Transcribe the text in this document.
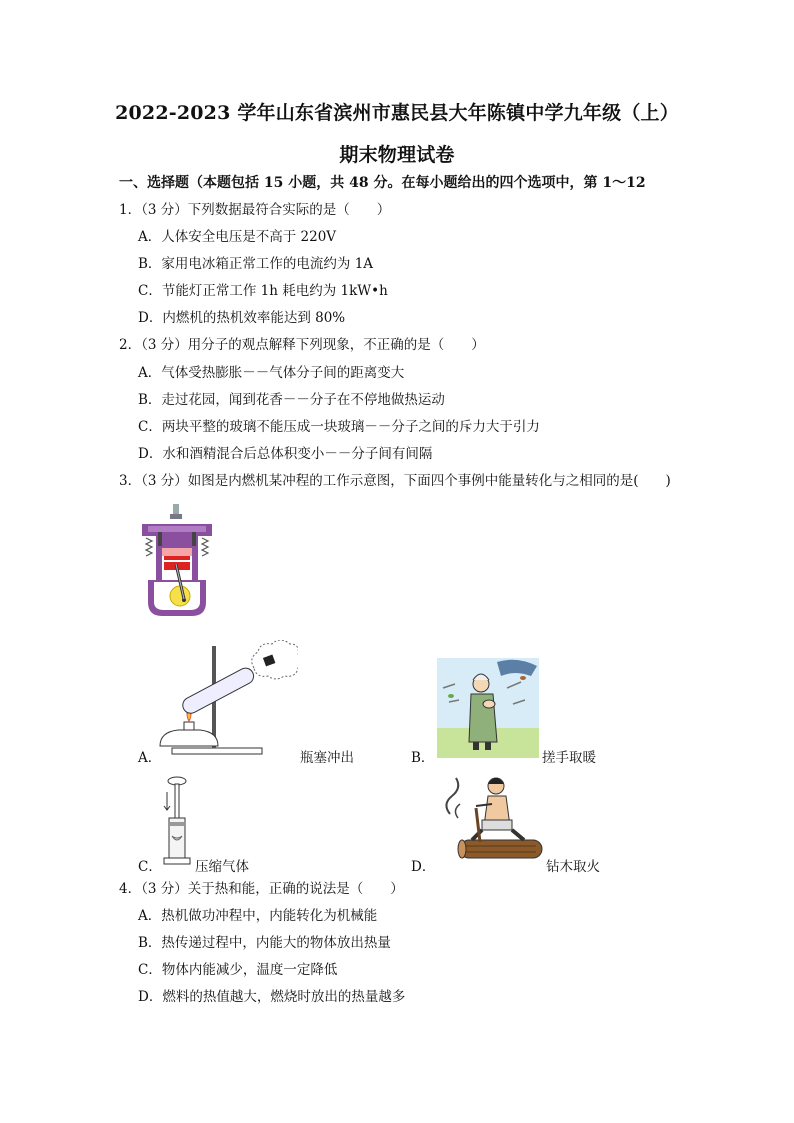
2022-2023 学年山东省滨州市惠民县大年陈镇中学九年级（上）
期末物理试卷
一、选择题（本题包括 15 小题，共 48 分。在每小题给出的四个选项中，第 1～12
1．（3 分）下列数据最符合实际的是（　　）
A．人体安全电压是不高于 220V
B．家用电冰箱正常工作的电流约为 1A
C．节能灯正常工作 1h 耗电约为 1kW•h
D．内燃机的热机效率能达到 80%
2．（3 分）用分子的观点解释下列现象，不正确的是（　　）
A．气体受热膨胀－－气体分子间的距离变大
B．走过花园，闻到花香－－分子在不停地做热运动
C．两块平整的玻璃不能压成一块玻璃－－分子之间的斥力大于引力
D．水和酒精混合后总体积变小－－分子间有间隔
3．（3 分）如图是内燃机某冲程的工作示意图，下面四个事例中能量转化与之相同的是(　　)
A．	瓶塞冲出	B．	搓手取暖
C． 压缩气体	D．	钻木取火
4．（3 分）关于热和能，正确的说法是（　　）
A．热机做功冲程中，内能转化为机械能
B．热传递过程中，内能大的物体放出热量
C．物体内能减少，温度一定降低
D．燃料的热值越大，燃烧时放出的热量越多
